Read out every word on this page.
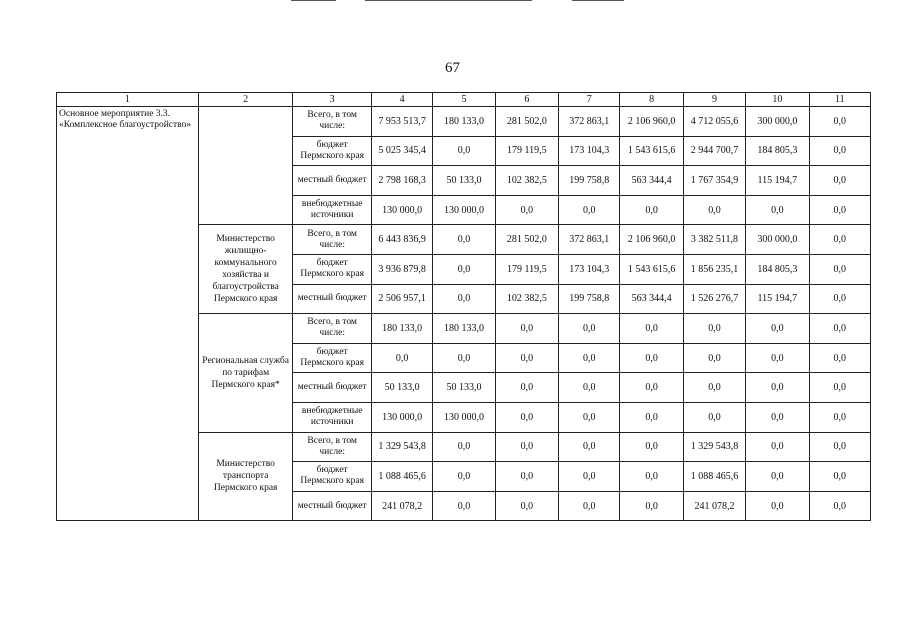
67
1	2	3	4	5	6	7	8	9	10	11
Основное мероприятие 3.3. «Комплексное благоустройство»		Всего, в том числе:	7 953 513,7	180 133,0	281 502,0	372 863,1	2 106 960,0	4 712 055,6	300 000,0	0,0
		бюджет Пермского края	5 025 345,4	0,0	179 119,5	173 104,3	1 543 615,6	2 944 700,7	184 805,3	0,0
		местный бюджет	2 798 168,3	50 133,0	102 382,5	199 758,8	563 344,4	1 767 354,9	115 194,7	0,0
		внебюджетные источники	130 000,0	130 000,0	0,0	0,0	0,0	0,0	0,0	0,0
	Министерство жилищно-коммунального хозяйства и благоустройства Пермского края	Всего, в том числе:	6 443 836,9	0,0	281 502,0	372 863,1	2 106 960,0	3 382 511,8	300 000,0	0,0
		бюджет Пермского края	3 936 879,8	0,0	179 119,5	173 104,3	1 543 615,6	1 856 235,1	184 805,3	0,0
		местный бюджет	2 506 957,1	0,0	102 382,5	199 758,8	563 344,4	1 526 276,7	115 194,7	0,0
	Региональная служба по тарифам Пермского края*	Всего, в том числе:	180 133,0	180 133,0	0,0	0,0	0,0	0,0	0,0	0,0
		бюджет Пермского края	0,0	0,0	0,0	0,0	0,0	0,0	0,0	0,0
		местный бюджет	50 133,0	50 133,0	0,0	0,0	0,0	0,0	0,0	0,0
		внебюджетные источники	130 000,0	130 000,0	0,0	0,0	0,0	0,0	0,0	0,0
	Министерство транспорта Пермского края	Всего, в том числе:	1 329 543,8	0,0	0,0	0,0	0,0	1 329 543,8	0,0	0,0
		бюджет Пермского края	1 088 465,6	0,0	0,0	0,0	0,0	1 088 465,6	0,0	0,0
		местный бюджет	241 078,2	0,0	0,0	0,0	0,0	241 078,2	0,0	0,0
